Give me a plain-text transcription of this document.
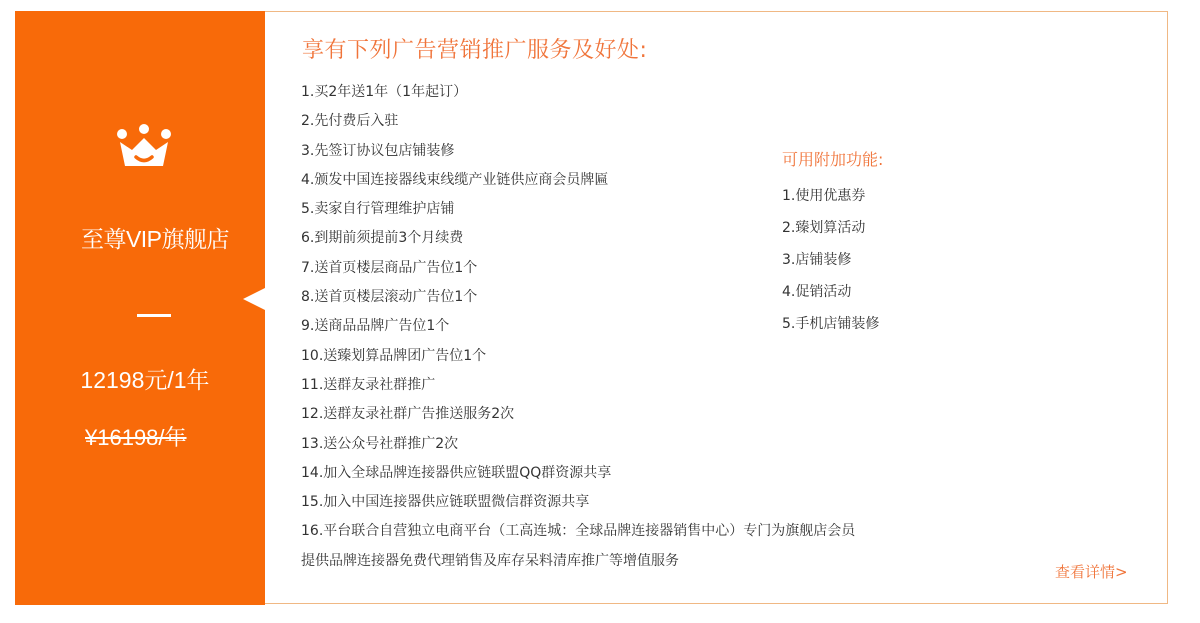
至尊VIP旗舰店
12198元/1年
¥16198/年
享有下列广告营销推广服务及好处:
1.买2年送1年（1年起订）
2.先付费后入驻
3.先签订协议包店铺装修
4.颁发中国连接器线束线缆产业链供应商会员牌匾
5.卖家自行管理维护店铺
6.到期前须提前3个月续费
7.送首页楼层商品广告位1个
8.送首页楼层滚动广告位1个
9.送商品品牌广告位1个
10.送臻划算品牌团广告位1个
11.送群友录社群推广
12.送群友录社群广告推送服务2次
13.送公众号社群推广2次
14.加入全球品牌连接器供应链联盟QQ群资源共享
15.加入中国连接器供应链联盟微信群资源共享
16.平台联合自营独立电商平台（工高连城：全球品牌连接器销售中心）专门为旗舰店会员
提供品牌连接器免费代理销售及库存呆料清库推广等增值服务
可用附加功能:
1.使用优惠券
2.臻划算活动
3.店铺装修
4.促销活动
5.手机店铺装修
查看详情>
